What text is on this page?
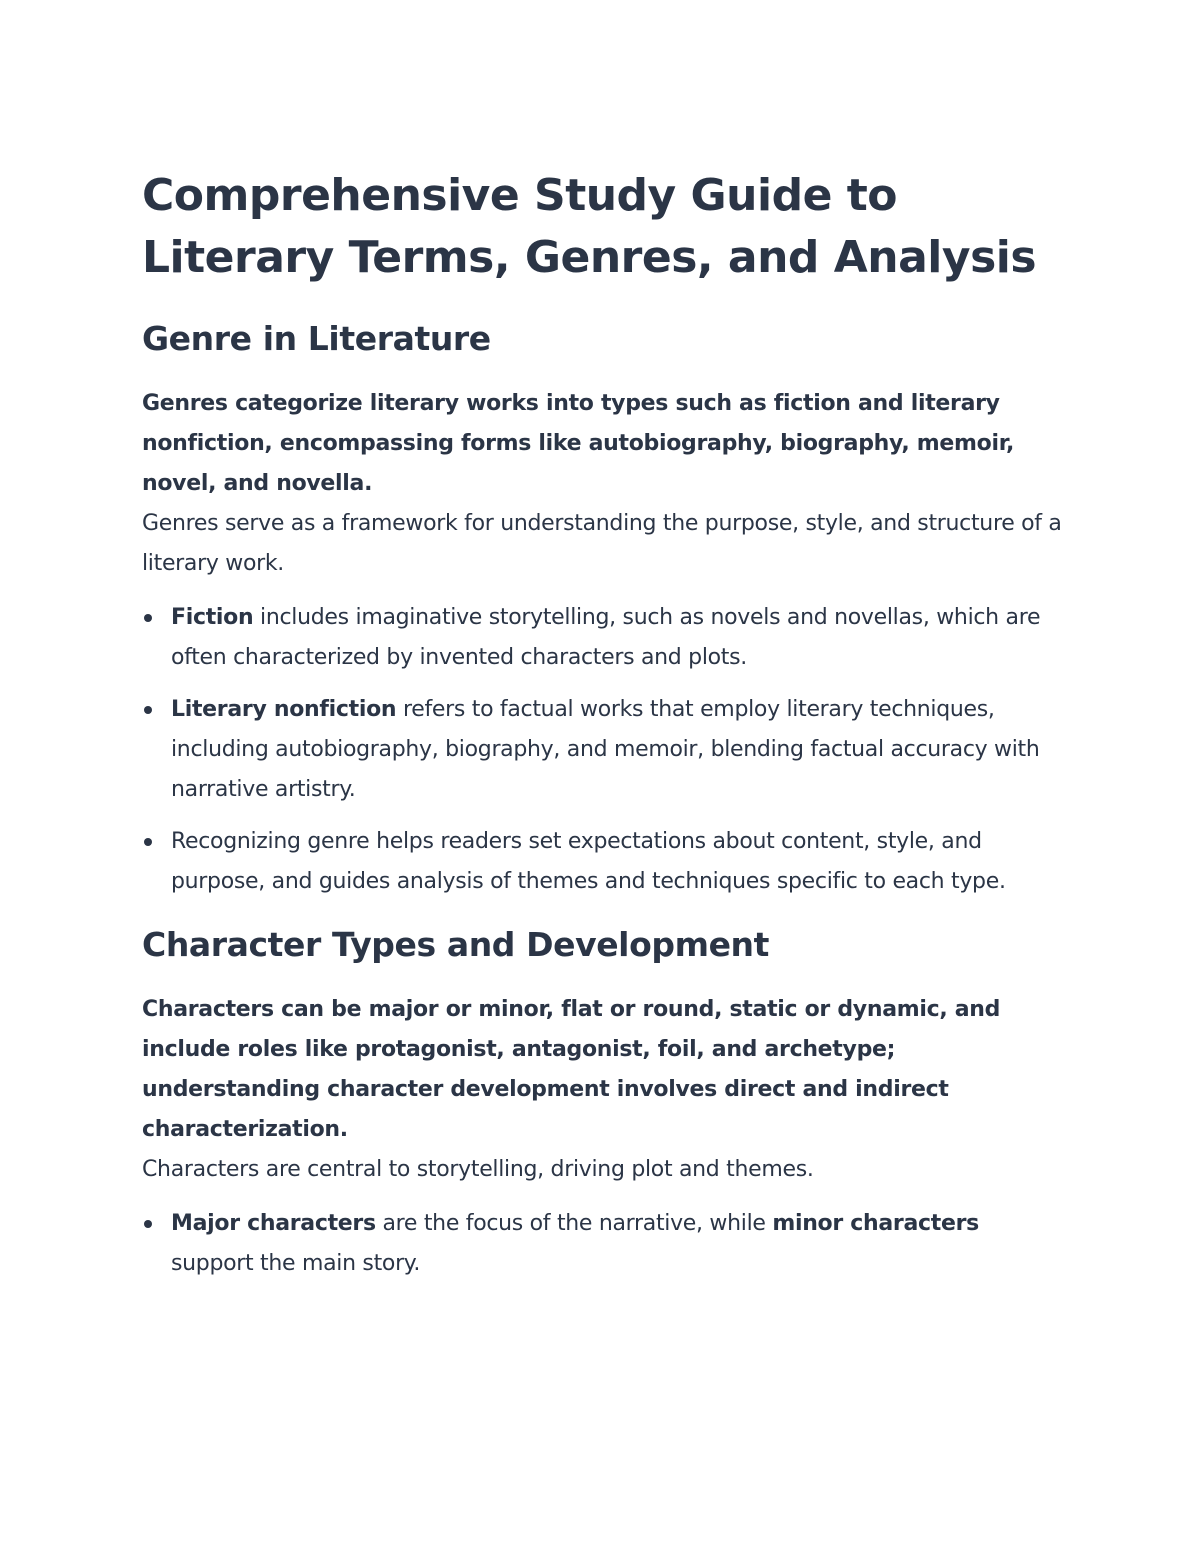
Comprehensive Study Guide to Literary Terms, Genres, and Analysis
Genre in Literature

Genres categorize literary works into types such as fiction and literary nonfiction, encompassing forms like autobiography, biography, memoir, novel, and novella.

Genres serve as a framework for understanding the purpose, style, and structure of a literary work.

Fiction includes imaginative storytelling, such as novels and novellas, which are often characterized by invented characters and plots.
Literary nonfiction refers to factual works that employ literary techniques, including autobiography, biography, and memoir, blending factual accuracy with narrative artistry.
Recognizing genre helps readers set expectations about content, style, and purpose, and guides analysis of themes and techniques specific to each type.
Character Types and Development

Characters can be major or minor, flat or round, static or dynamic, and include roles like protagonist, antagonist, foil, and archetype; understanding character development involves direct and indirect characterization.

Characters are central to storytelling, driving plot and themes.

Major characters are the focus of the narrative, while minor characters support the main story.
